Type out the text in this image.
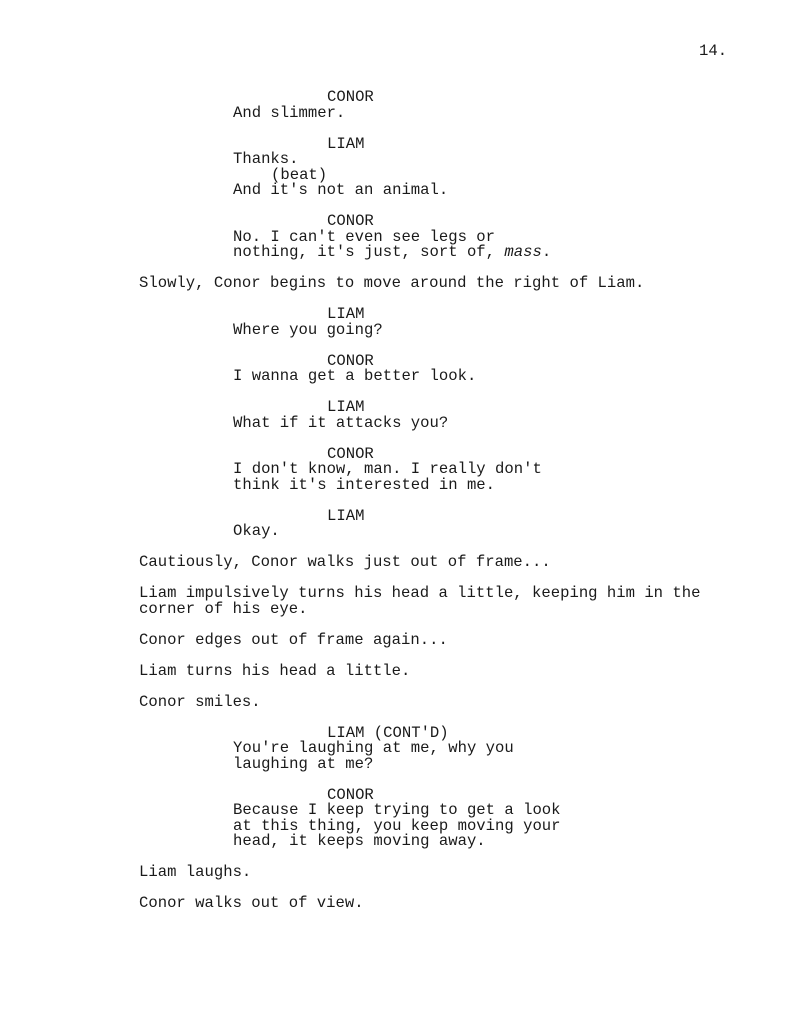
14.
CONOR
And slimmer.
LIAM
Thanks.
(beat)
And it's not an animal.
CONOR
No. I can't even see legs or
nothing, it's just, sort of, mass.
Slowly, Conor begins to move around the right of Liam.
LIAM
Where you going?
CONOR
I wanna get a better look.
LIAM
What if it attacks you?
CONOR
I don't know, man. I really don't
think it's interested in me.
LIAM
Okay.
Cautiously, Conor walks just out of frame...
Liam impulsively turns his head a little, keeping him in the
corner of his eye.
Conor edges out of frame again...
Liam turns his head a little.
Conor smiles.
LIAM (CONT'D)
You're laughing at me, why you
laughing at me?
CONOR
Because I keep trying to get a look
at this thing, you keep moving your
head, it keeps moving away.
Liam laughs.
Conor walks out of view.
